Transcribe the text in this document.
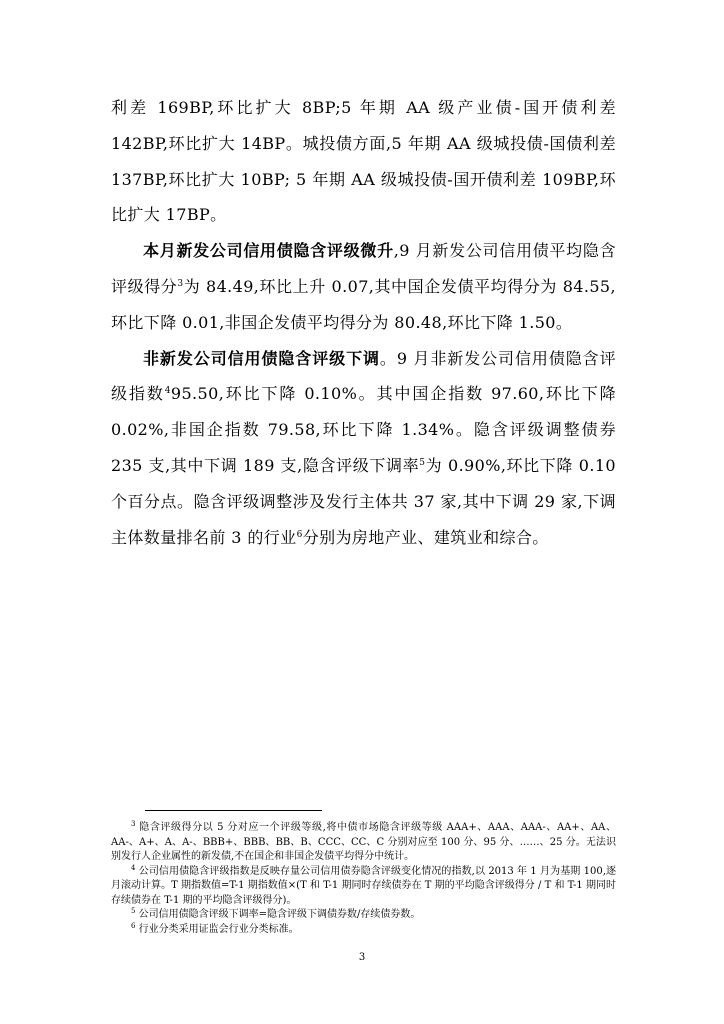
利差 169BP,环比扩大 8BP;5 年期 AA 级产业债-国开债利差 142BP,环比扩大 14BP。城投债方面,5 年期 AA 级城投债-国债利差 137BP,环比扩大 10BP; 5 年期 AA 级城投债-国开债利差 109BP,环比扩大 17BP。

本月新发公司信用债隐含评级微升,9 月新发公司信用债平均隐含评级得分$^3$为 84.49,环比上升 0.07,其中国企发债平均得分为 84.55,环比下降 0.01,非国企发债平均得分为 80.48,环比下降 1.50。

非新发公司信用债隐含评级下调。9 月非新发公司信用债隐含评级指数$^4$95.50,环比下降 0.10%。其中国企指数 97.60,环比下降 0.02%,非国企指数 79.58,环比下降 1.34%。隐含评级调整债券 235 支,其中下调 189 支,隐含评级下调率$^5$为 0.90%,环比下降 0.10 个百分点。隐含评级调整涉及发行主体共 37 家,其中下调 29 家,下调主体数量排名前 3 的行业$^6$分别为房地产业、建筑业和综合。

$^3$ 隐含评级得分以 5 分对应一个评级等级,将中债市场隐含评级等级 AAA+、AAA、AAA-、AA+、AA、AA-、A+、A、A-、BBB+、BBB、BB、B、CCC、CC、C 分别对应至 100 分、95 分、……、25 分。无法识别发行人企业属性的新发债,不在国企和非国企发债平均得分中统计。

$^4$ 公司信用债隐含评级指数是反映存量公司信用债券隐含评级变化情况的指数,以 2013 年 1 月为基期 100,逐月滚动计算。T 期指数值=T-1 期指数值×(T 和 T-1 期同时存续债券在 T 期的平均隐含评级得分 / T 和 T-1 期同时存续债券在 T-1 期的平均隐含评级得分)。

$^5$ 公司信用债隐含评级下调率=隐含评级下调债券数/存续债券数。

$^6$ 行业分类采用证监会行业分类标准。

3
